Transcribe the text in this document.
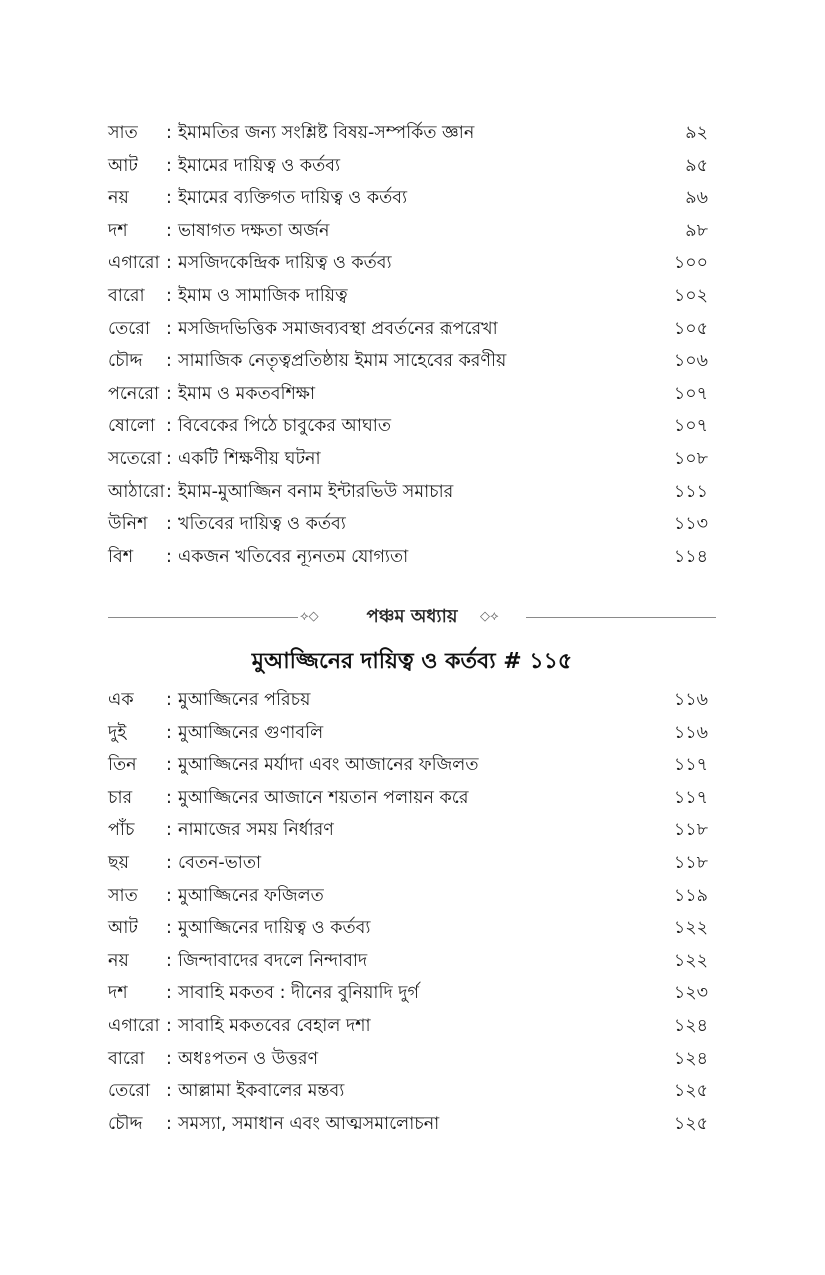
সাত : ইমামতির জন্য সংশ্লিষ্ট বিষয়-সম্পর্কিত জ্ঞান	৯২
আট : ইমামের দায়িত্ব ও কর্তব্য	৯৫
নয় : ইমামের ব্যক্তিগত দায়িত্ব ও কর্তব্য	৯৬
দশ : ভাষাগত দক্ষতা অর্জন	৯৮
এগারো : মসজিদকেন্দ্রিক দায়িত্ব ও কর্তব্য	১০০
বারো : ইমাম ও সামাজিক দায়িত্ব	১০২
তেরো : মসজিদভিত্তিক সমাজব্যবস্থা প্রবর্তনের রূপরেখা	১০৫
চৌদ্দ : সামাজিক নেতৃত্বপ্রতিষ্ঠায় ইমাম সাহেবের করণীয়	১০৬
পনেরো : ইমাম ও মকতবশিক্ষা	১০৭
ষোলো : বিবেকের পিঠে চাবুকের আঘাত	১০৭
সতেরো : একটি শিক্ষণীয় ঘটনা	১০৮
আঠারো : ইমাম-মুআজ্জিন বনাম ইন্টারভিউ সমাচার	১১১
উনিশ : খতিবের দায়িত্ব ও কর্তব্য	১১৩
বিশ : একজন খতিবের ন্যূনতম যোগ্যতা	১১৪
⟡◇	পঞ্চম অধ্যায়	◇⟡
মুআজ্জিনের দায়িত্ব ও কর্তব্য # ১১৫
এক : মুআজ্জিনের পরিচয়	১১৬
দুই : মুআজ্জিনের গুণাবলি	১১৬
তিন : মুআজ্জিনের মর্যাদা এবং আজানের ফজিলত	১১৭
চার : মুআজ্জিনের আজানে শয়তান পলায়ন করে	১১৭
পাঁচ : নামাজের সময় নির্ধারণ	১১৮
ছয় : বেতন-ভাতা	১১৮
সাত : মুআজ্জিনের ফজিলত	১১৯
আট : মুআজ্জিনের দায়িত্ব ও কর্তব্য	১২২
নয় : জিন্দাবাদের বদলে নিন্দাবাদ	১২২
দশ : সাবাহি মকতব : দীনের বুনিয়াদি দুর্গ	১২৩
এগারো : সাবাহি মকতবের বেহাল দশা	১২৪
বারো : অধঃপতন ও উত্তরণ	১২৪
তেরো : আল্লামা ইকবালের মন্তব্য	১২৫
চৌদ্দ : সমস্যা, সমাধান এবং আত্মসমালোচনা	১২৫
